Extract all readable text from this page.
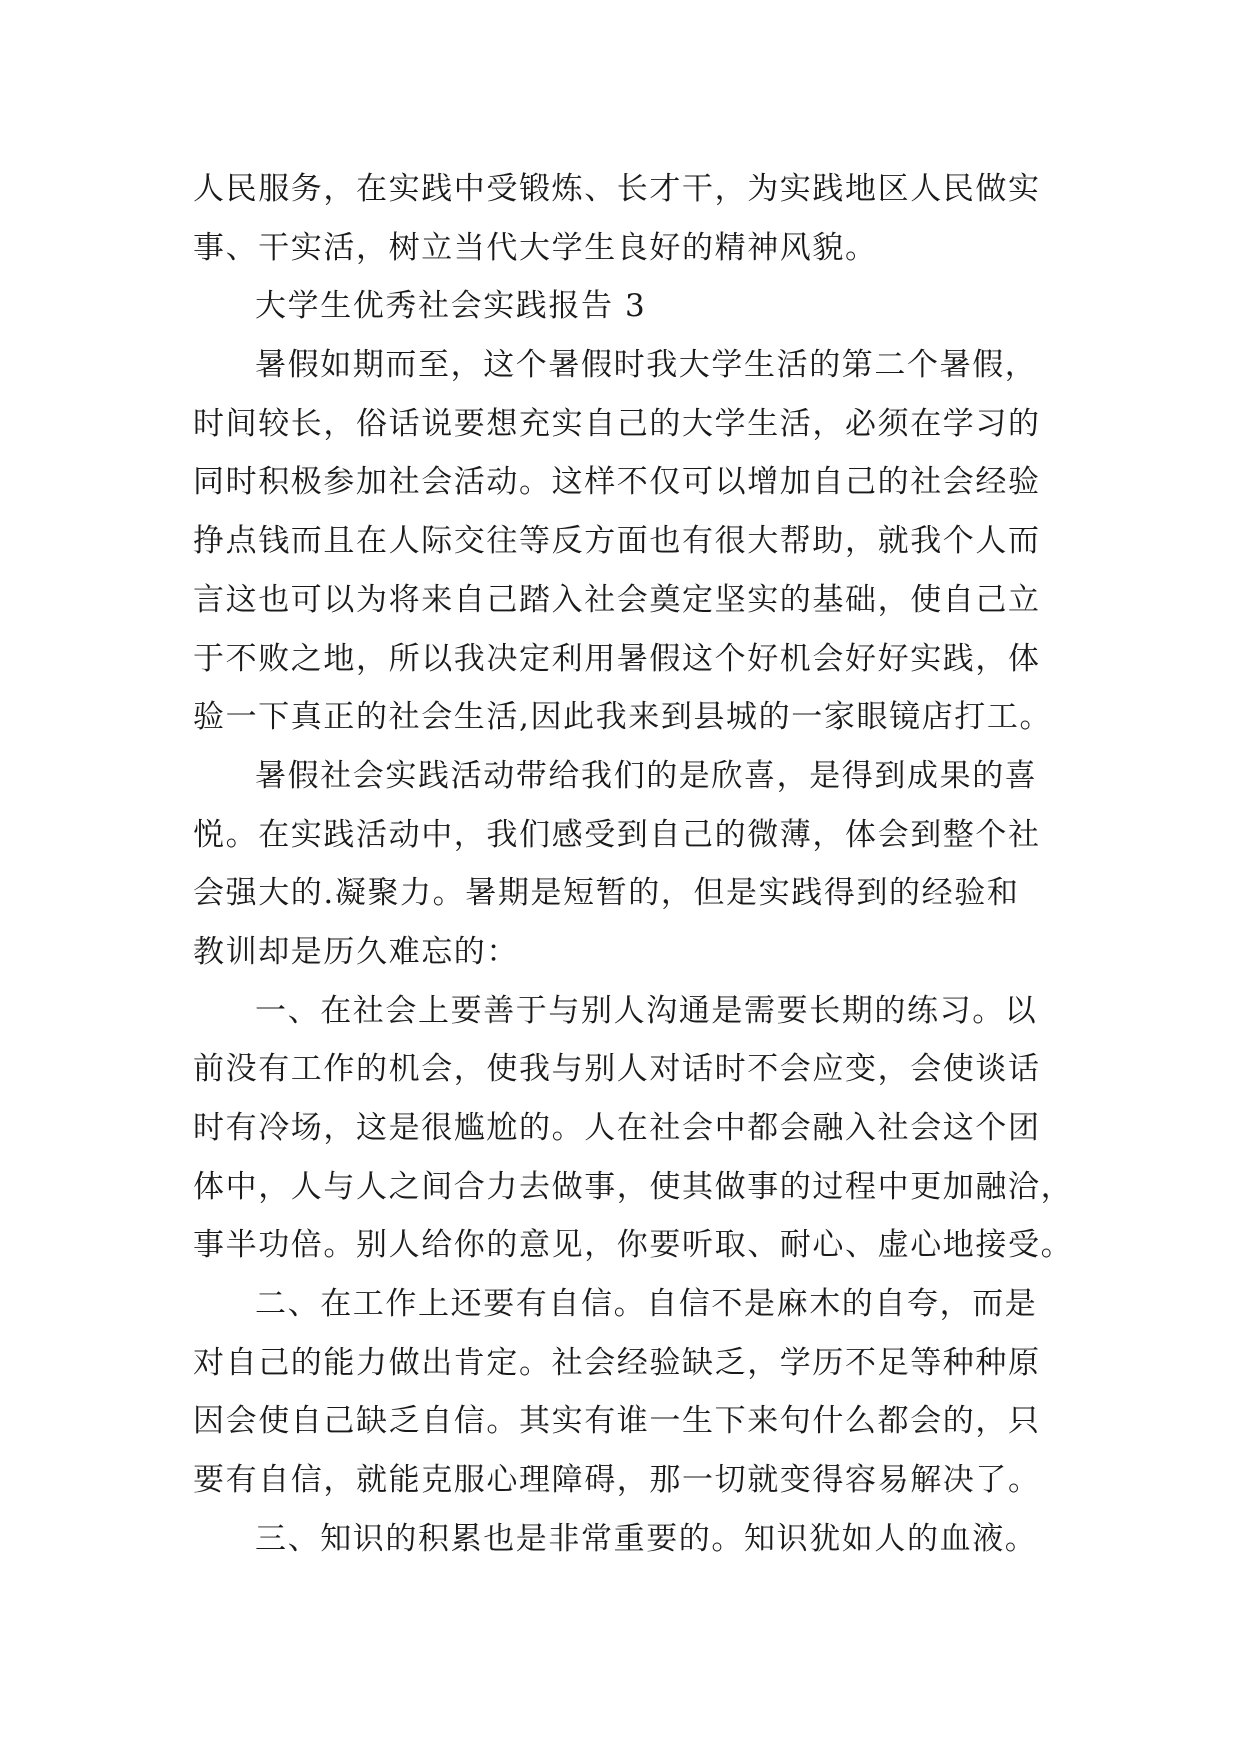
人民服务，在实践中受锻炼、长才干，为实践地区人民做实
事、干实活，树立当代大学生良好的精神风貌。
大学生优秀社会实践报告 3
暑假如期而至，这个暑假时我大学生活的第二个暑假，
时间较长，俗话说要想充实自己的大学生活，必须在学习的
同时积极参加社会活动。这样不仅可以增加自己的社会经验
挣点钱而且在人际交往等反方面也有很大帮助，就我个人而
言这也可以为将来自己踏入社会奠定坚实的基础，使自己立
于不败之地，所以我决定利用暑假这个好机会好好实践，体
验一下真正的社会生活,因此我来到县城的一家眼镜店打工。
暑假社会实践活动带给我们的是欣喜，是得到成果的喜
悦。在实践活动中，我们感受到自己的微薄，体会到整个社
会强大的.凝聚力。暑期是短暂的，但是实践得到的经验和
教训却是历久难忘的：
一、在社会上要善于与别人沟通是需要长期的练习。以
前没有工作的机会，使我与别人对话时不会应变，会使谈话
时有冷场，这是很尴尬的。人在社会中都会融入社会这个团
体中，人与人之间合力去做事，使其做事的过程中更加融洽，
事半功倍。别人给你的意见，你要听取、耐心、虚心地接受。
二、在工作上还要有自信。自信不是麻木的自夸，而是
对自己的能力做出肯定。社会经验缺乏，学历不足等种种原
因会使自己缺乏自信。其实有谁一生下来句什么都会的，只
要有自信，就能克服心理障碍，那一切就变得容易解决了。
三、知识的积累也是非常重要的。知识犹如人的血液。
